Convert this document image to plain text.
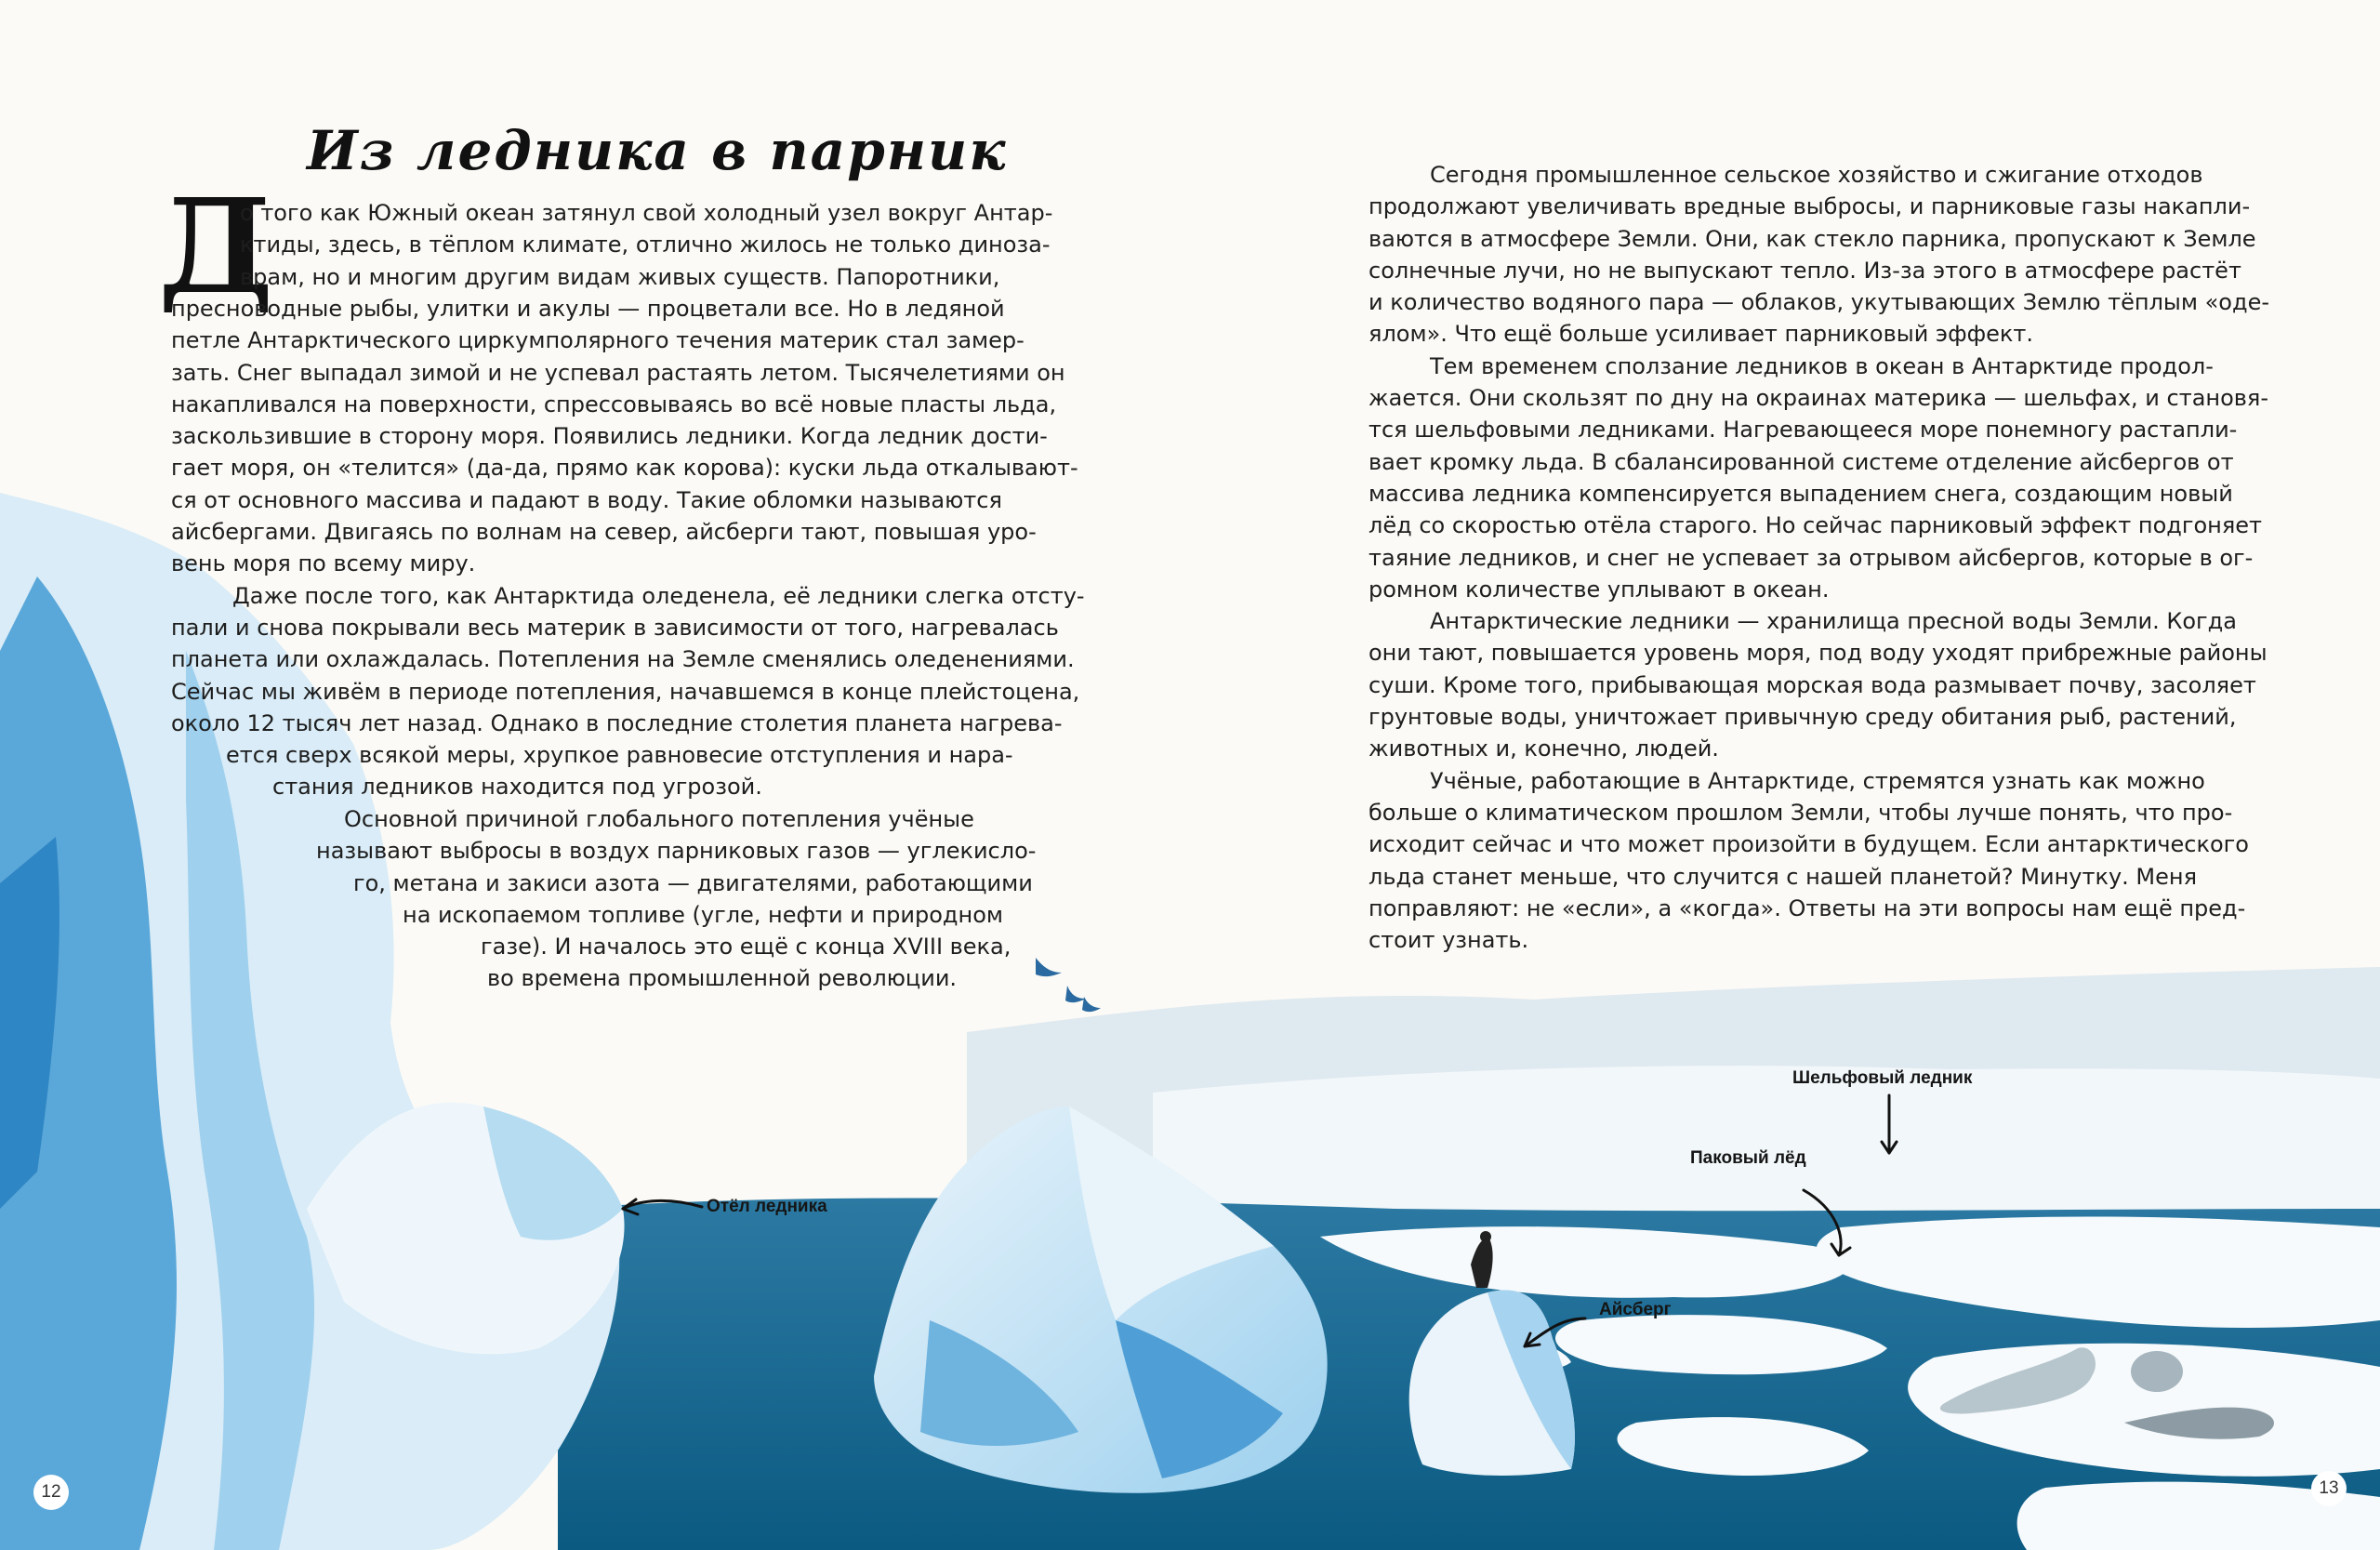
Из ледника в парник
Д
о того как Южный океан затянул свой холодный узел вокруг Антар-
ктиды, здесь, в тёплом климате, отлично жилось не только диноза-
врам, но и многим другим видам живых существ. Папоротники,
пресноводные рыбы, улитки и акулы — процветали все. Но в ледяной
петле Антарктического циркумполярного течения материк стал замер-
зать. Снег выпадал зимой и не успевал растаять летом. Тысячелетиями он
накапливался на поверхности, спрессовываясь во всё новые пласты льда,
заскользившие в сторону моря. Появились ледники. Когда ледник дости-
гает моря, он «телится» (да-да, прямо как корова): куски льда откалывают-
ся от основного массива и падают в воду. Такие обломки называются
айсбергами. Двигаясь по волнам на север, айсберги тают, повышая уро-
вень моря по всему миру.
Даже после того, как Антарктида оледенела, её ледники слегка отсту-
пали и снова покрывали весь материк в зависимости от того, нагревалась
планета или охлаждалась. Потепления на Земле сменялись оледенениями.
Сейчас мы живём в периоде потепления, начавшемся в конце плейстоцена,
около 12 тысяч лет назад. Однако в последние столетия планета нагрева-
ется сверх всякой меры, хрупкое равновесие отступления и нара-
стания ледников находится под угрозой.
Основной причиной глобального потепления учёные
называют выбросы в воздух парниковых газов — углекисло-
го, метана и закиси азота — двигателями, работающими
на ископаемом топливе (угле, нефти и природном
газе). И началось это ещё с конца XVIII века,
во времена промышленной революции.
Сегодня промышленное сельское хозяйство и сжигание отходов
продолжают увеличивать вредные выбросы, и парниковые газы накапли-
ваются в атмосфере Земли. Они, как стекло парника, пропускают к Земле
солнечные лучи, но не выпускают тепло. Из-за этого в атмосфере растёт
и количество водяного пара — облаков, укутывающих Землю тёплым «оде-
ялом». Что ещё больше усиливает парниковый эффект.
Тем временем сползание ледников в океан в Антарктиде продол-
жается. Они скользят по дну на окраинах материка — шельфах, и становя-
тся шельфовыми ледниками. Нагревающееся море понемногу растапли-
вает кромку льда. В сбалансированной системе отделение айсбергов от
массива ледника компенсируется выпадением снега, создающим новый
лёд со скоростью отёла старого. Но сейчас парниковый эффект подгоняет
таяние ледников, и снег не успевает за отрывом айсбергов, которые в ог-
ромном количестве уплывают в океан.
Антарктические ледники — хранилища пресной воды Земли. Когда
они тают, повышается уровень моря, под воду уходят прибрежные районы
суши. Кроме того, прибывающая морская вода размывает почву, засоляет
грунтовые воды, уничтожает привычную среду обитания рыб, растений,
животных и, конечно, людей.
Учёные, работающие в Антарктиде, стремятся узнать как можно
больше о климатическом прошлом Земли, чтобы лучше понять, что про-
исходит сейчас и что может произойти в будущем. Если антарктического
льда станет меньше, что случится с нашей планетой? Минутку. Меня
поправляют: не «если», а «когда». Ответы на эти вопросы нам ещё пред-
стоит узнать.
Отёл ледника
Шельфовый ледник
Паковый лёд
Айсберг
12	13
